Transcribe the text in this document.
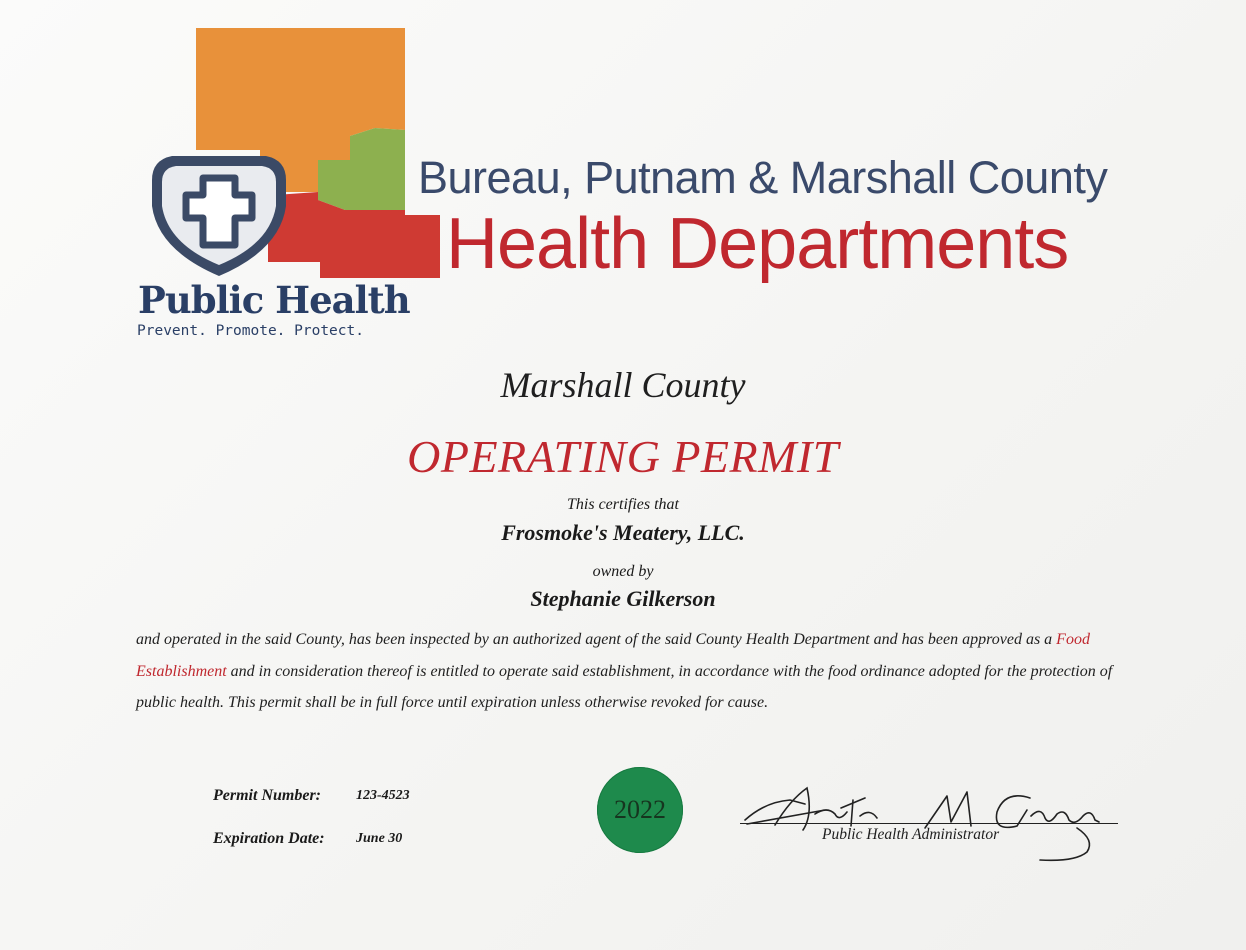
Public Health
Prevent. Promote. Protect.
Bureau, Putnam & Marshall County
Health Departments
Marshall County
OPERATING PERMIT
This certifies that
Frosmoke's Meatery, LLC.
owned by
Stephanie Gilkerson
and operated in the said County, has been inspected by an authorized agent of the said County Health Department and has been approved as a Food Establishment and in consideration thereof is entitled to operate said establishment, in accordance with the food ordinance adopted for the protection of public health. This permit shall be in full force until expiration unless otherwise revoked for cause.
Permit Number:	123-4523
Expiration Date: June 30
2022
Public Health Administrator
